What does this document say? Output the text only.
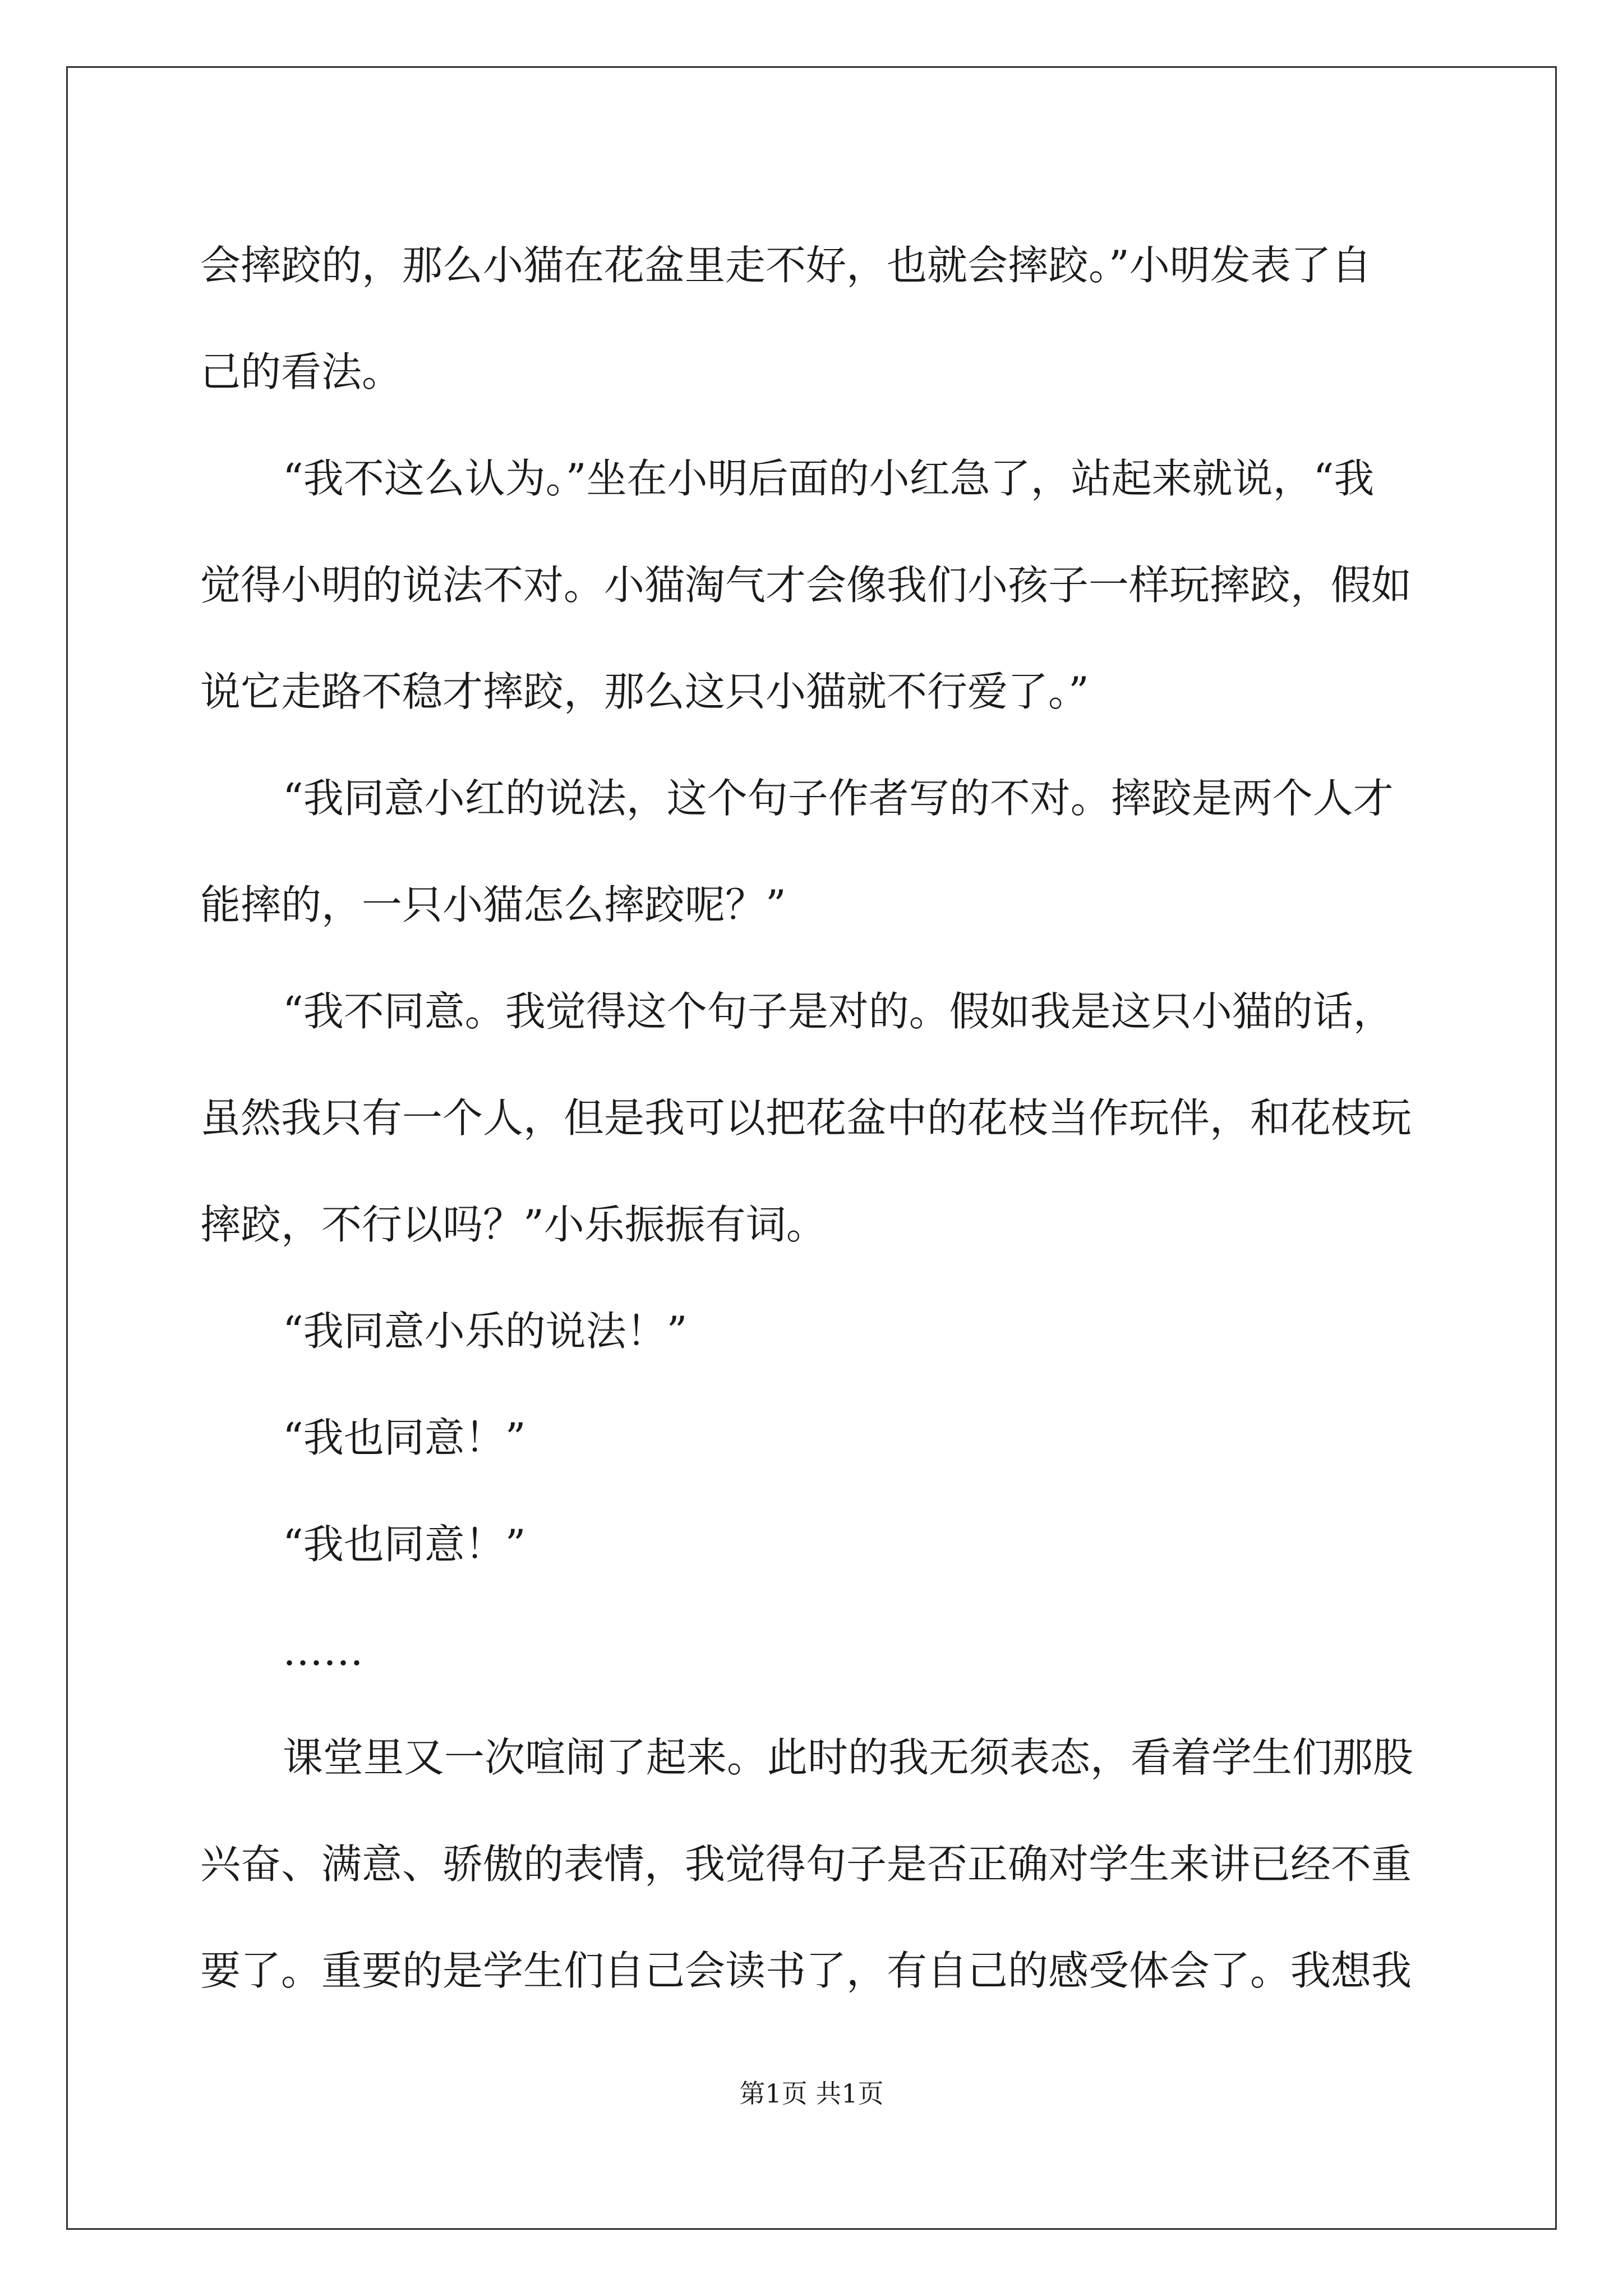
会摔跤的，那么小猫在花盆里走不好，也就会摔跤。”小明发表了自
己的看法。
“我不这么认为。”坐在小明后面的小红急了，站起来就说，“我
觉得小明的说法不对。小猫淘气才会像我们小孩子一样玩摔跤，假如
说它走路不稳才摔跤，那么这只小猫就不行爱了。”
“我同意小红的说法，这个句子作者写的不对。摔跤是两个人才
能摔的，一只小猫怎么摔跤呢？”
“我不同意。我觉得这个句子是对的。假如我是这只小猫的话，
虽然我只有一个人，但是我可以把花盆中的花枝当作玩伴，和花枝玩
摔跤，不行以吗？”小乐振振有词。
“我同意小乐的说法！”
“我也同意！”
“我也同意！”
……
课堂里又一次喧闹了起来。此时的我无须表态，看着学生们那股
兴奋、满意、骄傲的表情，我觉得句子是否正确对学生来讲已经不重
要了。重要的是学生们自己会读书了，有自己的感受体会了。我想我
第1页 共1页
